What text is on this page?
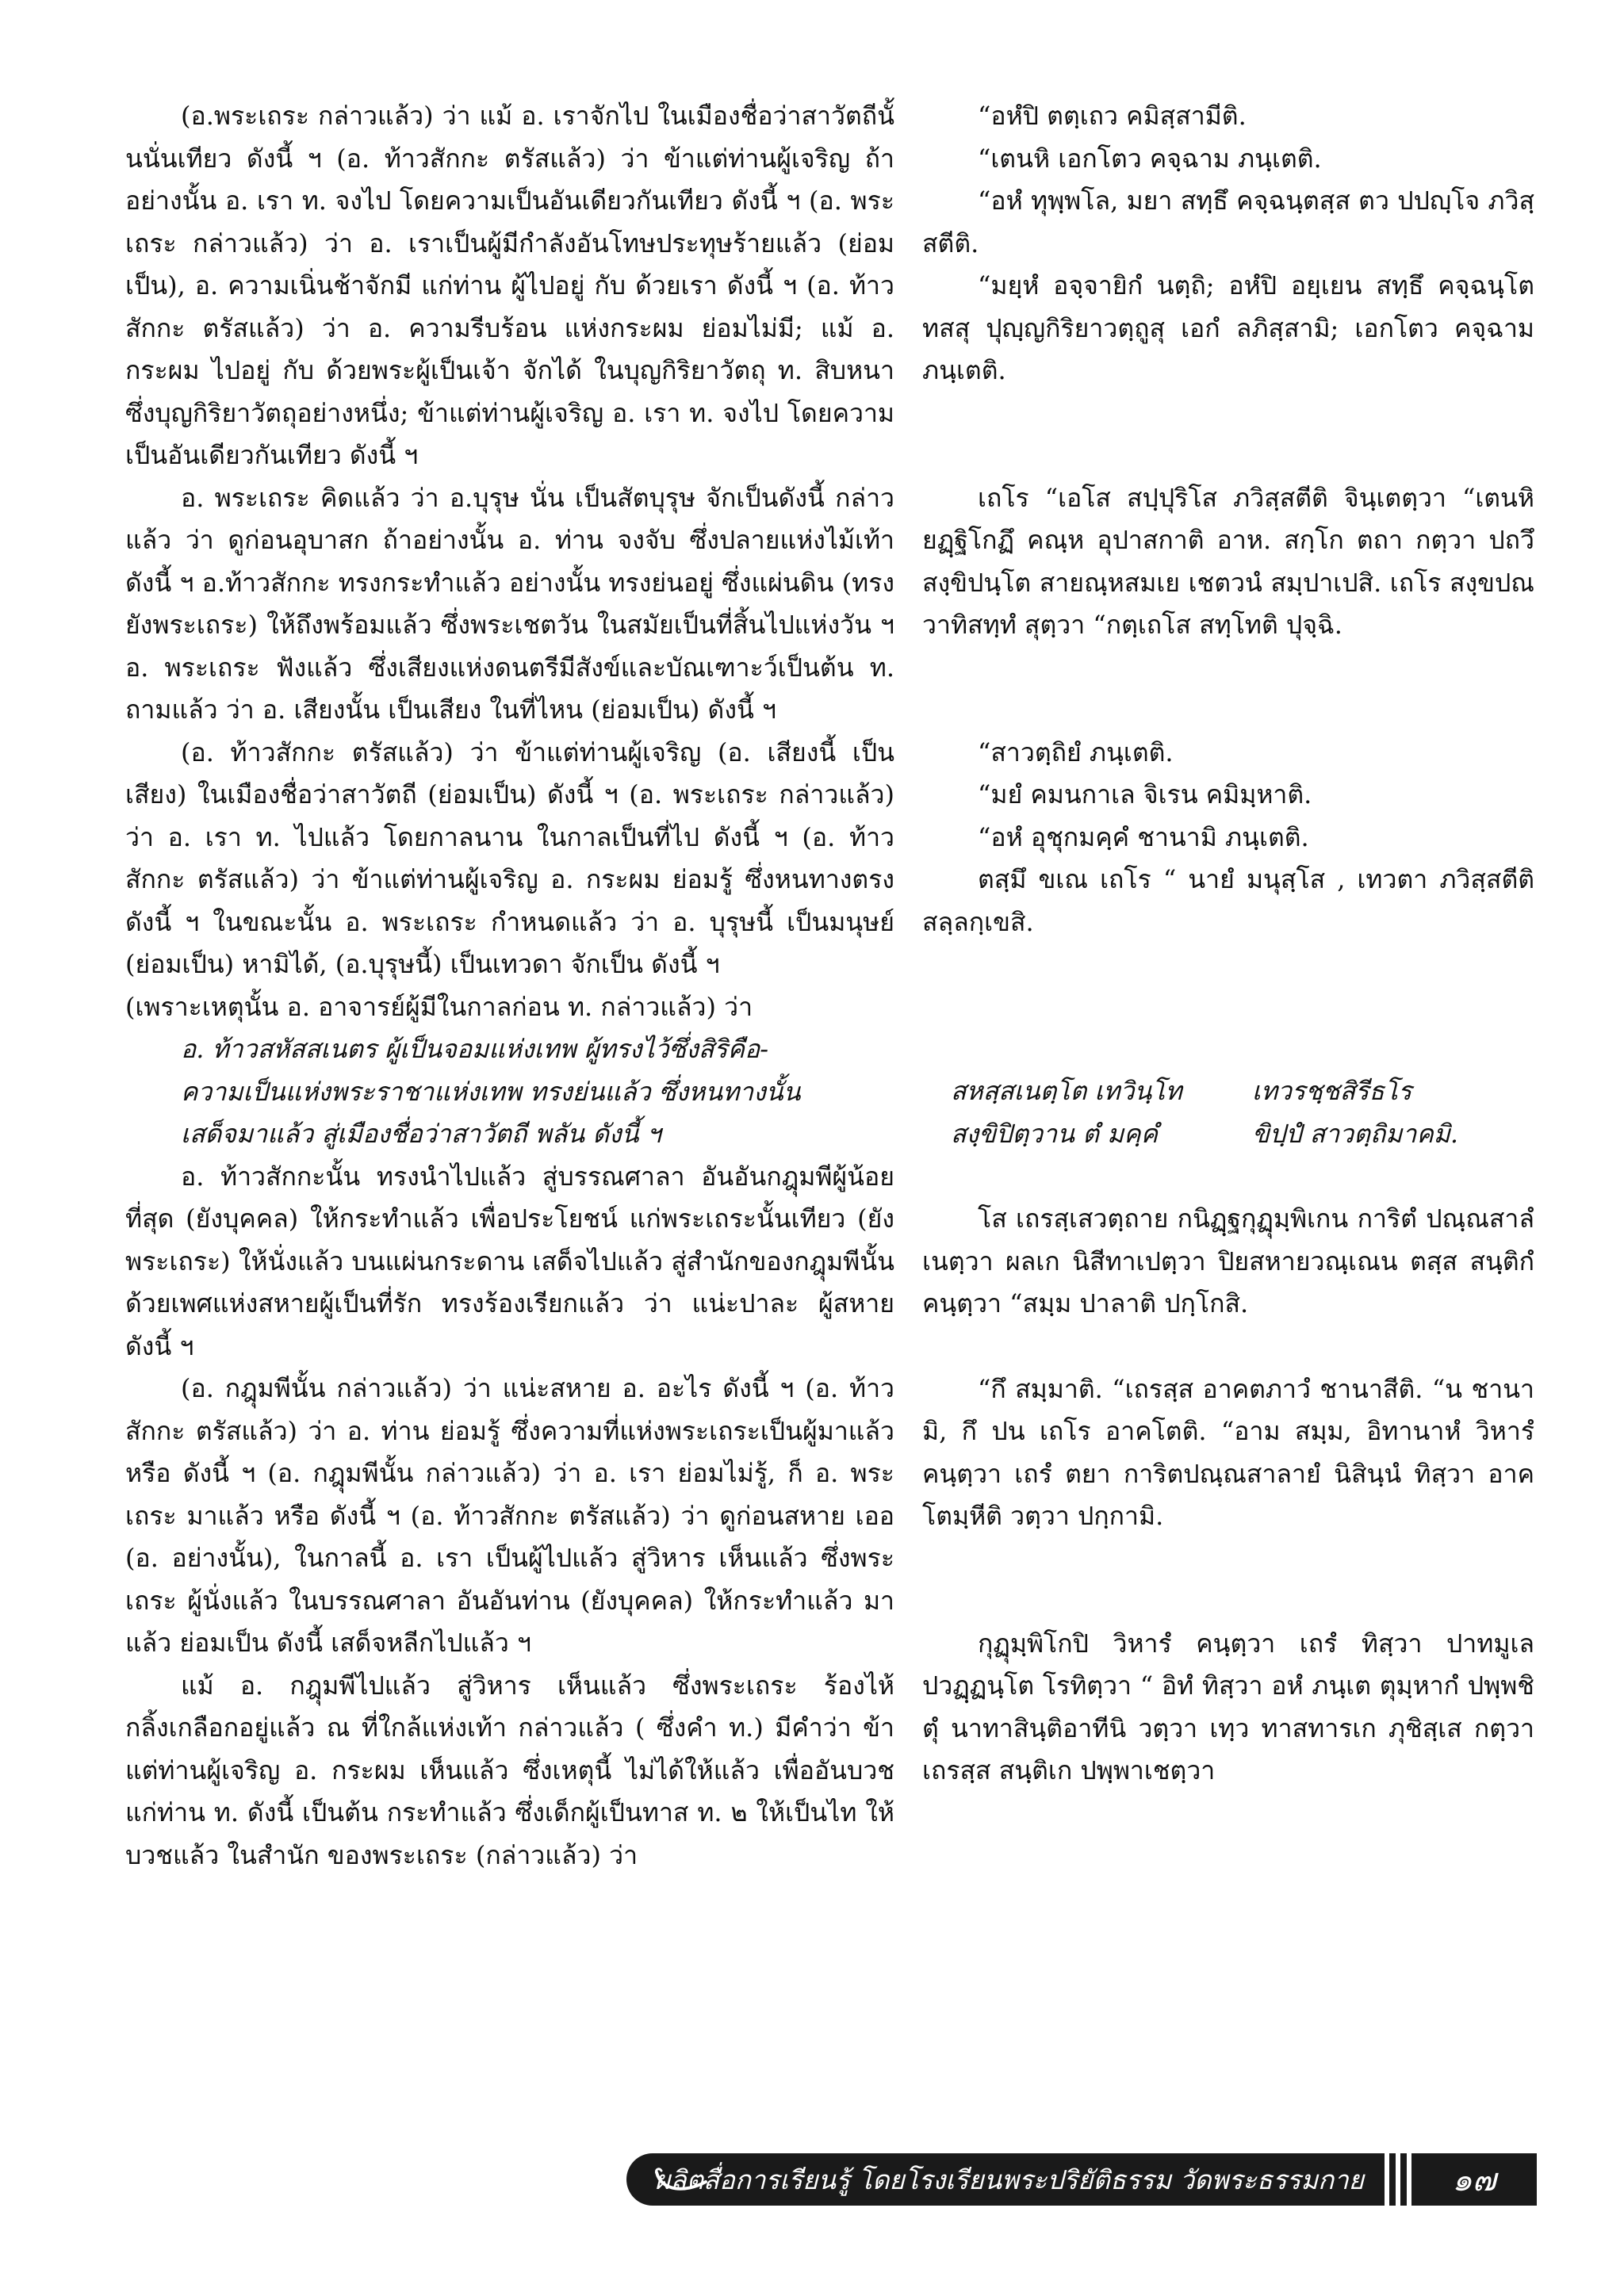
(อ.พระเถระ กล่าวแล้ว) ว่า แม้ อ. เราจักไป ในเมืองชื่อว่าสาวัตถีนั้นนั่นเทียว ดังนี้ ฯ (อ. ท้าวสักกะ ตรัสแล้ว) ว่า ข้าแต่ท่านผู้เจริญ ถ้าอย่างนั้น อ. เรา ท. จงไป โดยความเป็นอันเดียวกันเทียว ดังนี้ ฯ (อ. พระเถระ กล่าวแล้ว) ว่า อ. เราเป็นผู้มีกำลังอันโทษประทุษร้ายแล้ว (ย่อมเป็น), อ. ความเนิ่นช้าจักมี แก่ท่าน ผู้ไปอยู่ กับ ด้วยเรา ดังนี้ ฯ (อ. ท้าวสักกะ ตรัสแล้ว) ว่า อ. ความรีบร้อน แห่งกระผม ย่อมไม่มี; แม้ อ. กระผม ไปอยู่ กับ ด้วยพระผู้เป็นเจ้า จักได้ ในบุญกิริยาวัตถุ ท. สิบหนา ซึ่งบุญกิริยาวัตถุอย่างหนึ่ง; ข้าแต่ท่านผู้เจริญ อ. เรา ท. จงไป โดยความเป็นอันเดียวกันเทียว ดังนี้ ฯ

อ. พระเถระ คิดแล้ว ว่า อ.บุรุษ นั่น เป็นสัตบุรุษ จักเป็นดังนี้ กล่าวแล้ว ว่า ดูก่อนอุบาสก ถ้าอย่างนั้น อ. ท่าน จงจับ ซึ่งปลายแห่งไม้เท้า ดังนี้ ฯ อ.ท้าวสักกะ ทรงกระทำแล้ว อย่างนั้น ทรงย่นอยู่ ซึ่งแผ่นดิน (ทรงยังพระเถระ) ให้ถึงพร้อมแล้ว ซึ่งพระเชตวัน ในสมัยเป็นที่สิ้นไปแห่งวัน ฯ อ. พระเถระ ฟังแล้ว ซึ่งเสียงแห่งดนตรีมีสังข์และบัณเฑาะว์เป็นต้น ท. ถามแล้ว ว่า อ. เสียงนั้น เป็นเสียง ในที่ไหน (ย่อมเป็น) ดังนี้ ฯ

(อ. ท้าวสักกะ ตรัสแล้ว) ว่า ข้าแต่ท่านผู้เจริญ (อ. เสียงนี้ เป็นเสียง) ในเมืองชื่อว่าสาวัตถี (ย่อมเป็น) ดังนี้ ฯ (อ. พระเถระ กล่าวแล้ว) ว่า อ. เรา ท. ไปแล้ว โดยกาลนาน ในกาลเป็นที่ไป ดังนี้ ฯ (อ. ท้าวสักกะ ตรัสแล้ว) ว่า ข้าแต่ท่านผู้เจริญ อ. กระผม ย่อมรู้ ซึ่งหนทางตรง ดังนี้ ฯ ในขณะนั้น อ. พระเถระ กำหนดแล้ว ว่า อ. บุรุษนี้ เป็นมนุษย์ (ย่อมเป็น) หามิได้, (อ.บุรุษนี้) เป็นเทวดา จักเป็น ดังนี้ ฯ

(เพราะเหตุนั้น อ. อาจารย์ผู้มีในกาลก่อน ท. กล่าวแล้ว) ว่า

อ. ท้าวสหัสสเนตร ผู้เป็นจอมแห่งเทพ ผู้ทรงไว้ซึ่งสิริคือ-
ความเป็นแห่งพระราชาแห่งเทพ ทรงย่นแล้ว ซึ่งหนทางนั้น
เสด็จมาแล้ว สู่เมืองชื่อว่าสาวัตถี พลัน ดังนี้ ฯ

อ. ท้าวสักกะนั้น ทรงนำไปแล้ว สู่บรรณศาลา อันอันกฎุมพีผู้น้อยที่สุด (ยังบุคคล) ให้กระทำแล้ว เพื่อประโยชน์ แก่พระเถระนั้นเทียว (ยังพระเถระ) ให้นั่งแล้ว บนแผ่นกระดาน เสด็จไปแล้ว สู่สำนักของกฎุมพีนั้น ด้วยเพศแห่งสหายผู้เป็นที่รัก ทรงร้องเรียกแล้ว ว่า แน่ะปาละ ผู้สหาย ดังนี้ ฯ

(อ. กฎุมพีนั้น กล่าวแล้ว) ว่า แน่ะสหาย อ. อะไร ดังนี้ ฯ (อ. ท้าวสักกะ ตรัสแล้ว) ว่า อ. ท่าน ย่อมรู้ ซึ่งความที่แห่งพระเถระเป็นผู้มาแล้วหรือ ดังนี้ ฯ (อ. กฎุมพีนั้น กล่าวแล้ว) ว่า อ. เรา ย่อมไม่รู้, ก็ อ. พระเถระ มาแล้ว หรือ ดังนี้ ฯ (อ. ท้าวสักกะ ตรัสแล้ว) ว่า ดูก่อนสหาย เออ (อ. อย่างนั้น), ในกาลนี้ อ. เรา เป็นผู้ไปแล้ว สู่วิหาร เห็นแล้ว ซึ่งพระเถระ ผู้นั่งแล้ว ในบรรณศาลา อันอันท่าน (ยังบุคคล) ให้กระทำแล้ว มาแล้ว ย่อมเป็น ดังนี้ เสด็จหลีกไปแล้ว ฯ

แม้ อ. กฎุมพีไปแล้ว สู่วิหาร เห็นแล้ว ซึ่งพระเถระ ร้องไห้กลิ้งเกลือกอยู่แล้ว ณ ที่ใกล้แห่งเท้า กล่าวแล้ว ( ซึ่งคำ ท.) มีคำว่า ข้าแต่ท่านผู้เจริญ อ. กระผม เห็นแล้ว ซึ่งเหตุนี้ ไม่ได้ให้แล้ว เพื่ออันบวช แก่ท่าน ท. ดังนี้ เป็นต้น กระทำแล้ว ซึ่งเด็กผู้เป็นทาส ท. ๒ ให้เป็นไท ให้บวชแล้ว ในสำนัก ของพระเถระ (กล่าวแล้ว) ว่า

“อหํปิ ตตฺเถว คมิสฺสามีติ.

“เตนหิ เอกโตว คจฺฉาม ภนฺเตติ.

“อหํ ทุพฺพโล, มยา สทฺธึ คจฺฉนฺตสฺส ตว ปปญฺโจ ภวิสฺสตีติ.

“มยฺหํ อจฺจายิกํ นตฺถิ; อหํปิ อยฺเยน สทฺธึ คจฺฉนฺโต ทสสุ ปุญฺญกิริยาวตฺถูสุ เอกํ ลภิสฺสามิ; เอกโตว คจฺฉาม ภนฺเตติ.

เถโร “เอโส สปฺปุริโส ภวิสฺสตีติ จินฺเตตฺวา “เตนหิ ยฏฺฐิโกฏึ คณฺห อุปาสกาติ อาห. สกฺโก ตถา กตฺวา ปถวึ สงฺขิปนฺโต สายณฺหสมเย เชตวนํ สมฺปาเปสิ. เถโร สงฺขปณวาทิสทฺทํ สุตฺวา “กตฺเถโส สทฺโทติ ปุจฺฉิ.

“สาวตฺถิยํ ภนฺเตติ.

“มยํ คมนกาเล จิเรน คมิมฺหาติ.

“อหํ อุชุกมคฺคํ ชานามิ ภนฺเตติ.

ตสฺมึ ขเณ เถโร “ นายํ มนุสฺโส , เทวตา ภวิสฺสตีติ สลฺลกฺเขสิ.

สหสฺสเนตฺโต เทวินฺโท	เทวรชฺชสิรีธโร
สงฺขิปิตฺวาน ตํ มคฺคํ	ขิปฺปํ สาวตฺถิมาคมิ.

โส เถรสฺเสวตฺถาย กนิฏฺฐกุฏุมฺพิเกน การิตํ ปณฺณสาลํ เนตฺวา ผลเก นิสีทาเปตฺวา ปิยสหายวณฺเณน ตสฺส สนฺติกํ คนฺตฺวา “สมฺม ปาลาติ ปกฺโกสิ.

“กึ สมฺมาติ. “เถรสฺส อาคตภาวํ ชานาสีติ. “น ชานามิ, กึ ปน เถโร อาคโตติ. “อาม สมฺม, อิทานาหํ วิหารํ คนฺตฺวา เถรํ ตยา การิตปณฺณสาลายํ นิสินฺนํ ทิสฺวา อาคโตมฺหีติ วตฺวา ปกฺกามิ.

กุฏุมฺพิโกปิ วิหารํ คนฺตฺวา เถรํ ทิสฺวา ปาทมูเล ปวฏฺฏนฺโต โรทิตฺวา “ อิทํ ทิสฺวา อหํ ภนฺเต ตุมฺหากํ ปพฺพชิตุํ นาทาสินฺติอาทีนิ วตฺวา เทฺว ทาสทารเก ภุชิสฺเส กตฺวา เถรสฺส สนฺติเก ปพฺพาเชตฺวา

ผลิตสื่อการเรียนรู้ โดยโรงเรียนพระปริยัติธรรม วัดพระธรรมกาย	๑๗
